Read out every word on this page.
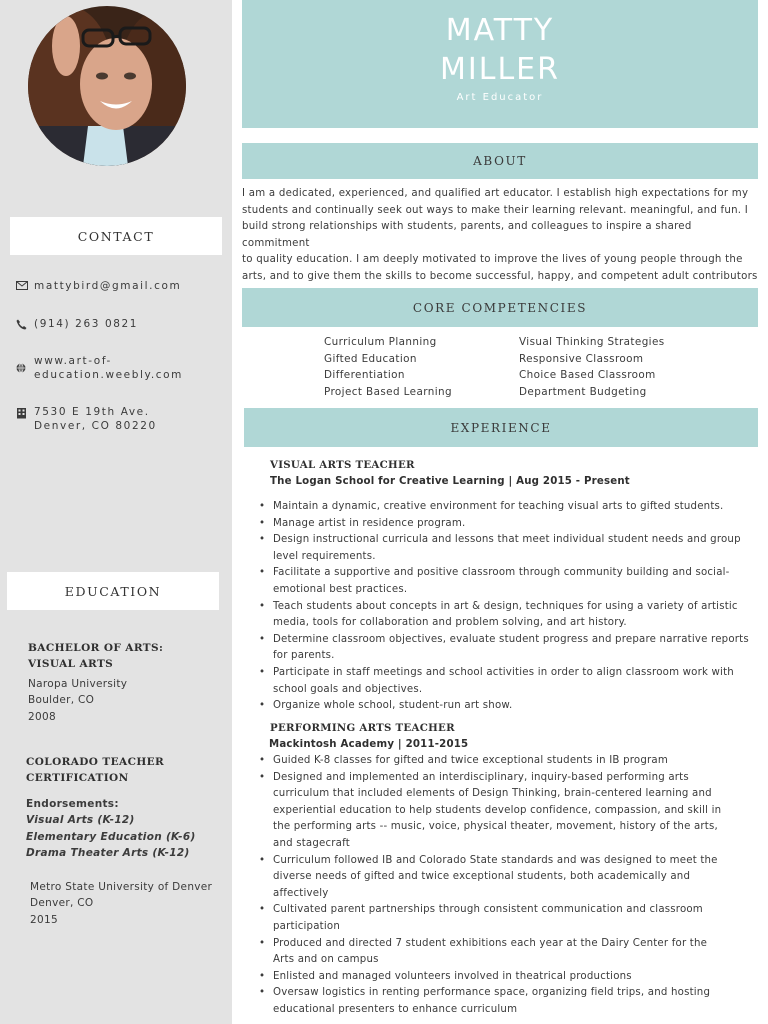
CONTACT
mattybird@gmail.com
(914) 263 0821
www.art-of-
education.weebly.com
7530 E 19th Ave.
Denver, CO 80220
EDUCATION
BACHELOR OF ARTS:
VISUAL ARTS
Naropa University
Boulder, CO
2008
COLORADO TEACHER
CERTIFICATION
Endorsements:
Visual Arts (K-12)
Elementary Education (K-6)
Drama Theater Arts (K-12)
Metro State University of Denver
Denver, CO
2015
MATTY
MILLER
Art Educator
ABOUT
I am a dedicated, experienced, and qualified art educator. I establish high expectations for my
students and continually seek out ways to make their learning relevant. meaningful, and fun. I
build strong relationships with students, parents, and colleagues to inspire a shared commitment
to quality education. I am deeply motivated to improve the lives of young people through the
arts, and to give them the skills to become successful, happy, and competent adult contributors
CORE COMPETENCIES
Curriculum Planning
Gifted Education
Differentiation
Project Based Learning
Visual Thinking Strategies
Responsive Classroom
Choice Based Classroom
Department Budgeting
EXPERIENCE
VISUAL ARTS TEACHER
The Logan School for Creative Learning | Aug 2015 - Present
• Maintain a dynamic, creative environment for teaching visual arts to gifted students.
• Manage artist in residence program.
• Design instructional curricula and lessons that meet individual student needs and group
level requirements.
• Facilitate a supportive and positive classroom through community building and social-
emotional best practices.
• Teach students about concepts in art & design, techniques for using a variety of artistic
media, tools for collaboration and problem solving, and art history.
• Determine classroom objectives, evaluate student progress and prepare narrative reports
for parents.
• Participate in staff meetings and school activities in order to align classroom work with
school goals and objectives.
• Organize whole school, student-run art show.
PERFORMING ARTS TEACHER
Mackintosh Academy | 2011-2015
• Guided K-8 classes for gifted and twice exceptional students in IB program
• Designed and implemented an interdisciplinary, inquiry-based performing arts
curriculum that included elements of Design Thinking, brain-centered learning and
experiential education to help students develop confidence, compassion, and skill in
the performing arts -- music, voice, physical theater, movement, history of the arts,
and stagecraft
• Curriculum followed IB and Colorado State standards and was designed to meet the
diverse needs of gifted and twice exceptional students, both academically and
affectively
• Cultivated parent partnerships through consistent communication and classroom
participation
• Produced and directed 7 student exhibitions each year at the Dairy Center for the
Arts and on campus
• Enlisted and managed volunteers involved in theatrical productions
• Oversaw logistics in renting performance space, organizing field trips, and hosting
educational presenters to enhance curriculum
